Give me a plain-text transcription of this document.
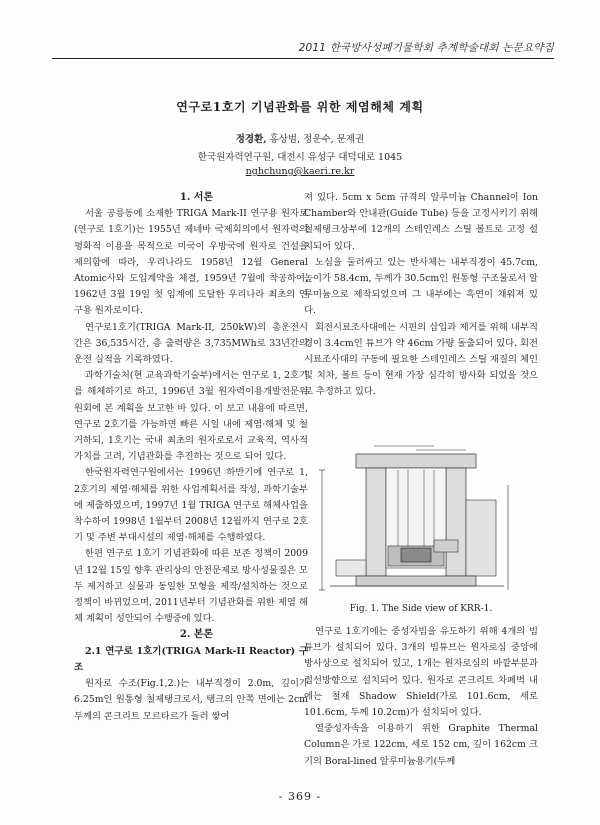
2011 한국방사성폐기물학회 추계학술대회 논문요약집
연구로1호기 기념관화를 위한 제염해체 계획
정경환, 홍상범, 정운수, 문제권
한국원자력연구원, 대전시 유성구 대덕대로 1045
nghchung@kaeri.re.kr

1. 서론

서울 공릉동에 소재한 TRIGA Mark-II 연구용 원자로(연구로 1호기)는 1955년 제네바 국제회의에서 원자력의 평화적 이용을 목적으로 미국이 우방국에 원자로 건설을 제의함에 따라, 우리나라도 1958년 12월 General Atomic사와 도입계약을 체결, 1959년 7월에 착공하여, 1962년 3월 19일 첫 임계에 도달한 우리나라 최초의 연구용 원자로이다.

연구로1호기(TRIGA Mark-II, 250kW)의 총운전시간은 36,535시간, 총 출력량은 3,735MWh로 33년간의 운전 실적을 기록하였다.

과학기술처(현 교육과학기술부)에서는 연구로 1, 2호기를 해체하기로 하고, 1996년 3월 원자력이용개발전문위원회에 본 계획을 보고한 바 있다. 이 보고 내용에 따르면, 연구로 2호기를 가능하면 빠른 시일 내에 제염·해체 및 철거하되, 1호기는 국내 최초의 원자로로서 교육적, 역사적 가치를 고려, 기념관화를 추진하는 것으로 되어 있다.

한국원자력연구원에서는 1996년 하반기에 연구로 1, 2호기의 제염·해체를 위한 사업계획서를 작성, 과학기술부에 제출하였으며, 1997년 1월 TRIGA 연구로 해체사업을 착수하여 1998년 1월부터 2008년 12월까지 연구로 2호기 및 주변 부대시설의 제염·해체를 수행하였다.

한편 연구로 1호기 기념관화에 따른 보존 정책이 2009년 12월 15일 향후 관리상의 안전문제로 방사성물질은 모두 제거하고 실물과 동일한 모형을 제작/설치하는 것으로 정책이 바뀌었으며, 2011년부터 기념관화를 위한 제염 해체 계획이 성안되어 수행중에 있다.

2. 본론

2.1 연구로 1호기(TRIGA Mark-II Reactor) 구조

원자로 수조(Fig.1,2.)는 내부직경이 2.0m, 깊이가 6.25m인 원통형 철제탱크로서, 탱크의 안쪽 면에는 2cm 두께의 콘크리트 모르타르가 들러 쌓여

져 있다. 5cm x 5cm 규격의 알루미늄 Channel이 Ion Chamber와 안내관(Guide Tube) 등을 고정시키기 위해 철제탱크상부에 12개의 스테인레스 스틸 볼트로 고정 설치되어 있다.

노심을 둘러싸고 있는 반사체는 내부직경이 45.7cm, 높이가 58.4cm, 두께가 30.5cm인 원통형 구조물로서 알루미늄으로 제작되었으며 그 내부에는 흑연이 채워져 있다.

회전시료조사대에는 시편의 삽입과 제거를 위해 내부직경이 3.4cm인 튜브가 약 46cm 가량 돌출되어 있다. 회전시료조사대의 구동에 필요한 스테인레스 스틸 재질의 체인 및 치차, 볼트 등이 현재 가장 심각히 방사화 되었을 것으로 추정하고 있다.

Fig. 1. The Side view of KRR-1.

연구로 1호기에는 중성자빔을 유도하기 위해 4개의 빔튜브가 설치되어 있다. 3개의 빔튜브는 원자로심 중앙에 방사상으로 설치되어 있고, 1개는 원자로심의 바깥부분과 접선방향으로 설치되어 있다. 원자로 콘크리트 차폐벽 내에는 철재 Shadow Shield(가로 101.6cm, 세로 101.6cm, 두께 10.2cm)가 설치되어 있다.

열중성자속을 이용하기 위한 Graphite Thermal Column은 가로 122cm, 세로 152 cm, 깊이 162cm 크기의 Boral-lined 알루미늄용기(두께

- 369 -
